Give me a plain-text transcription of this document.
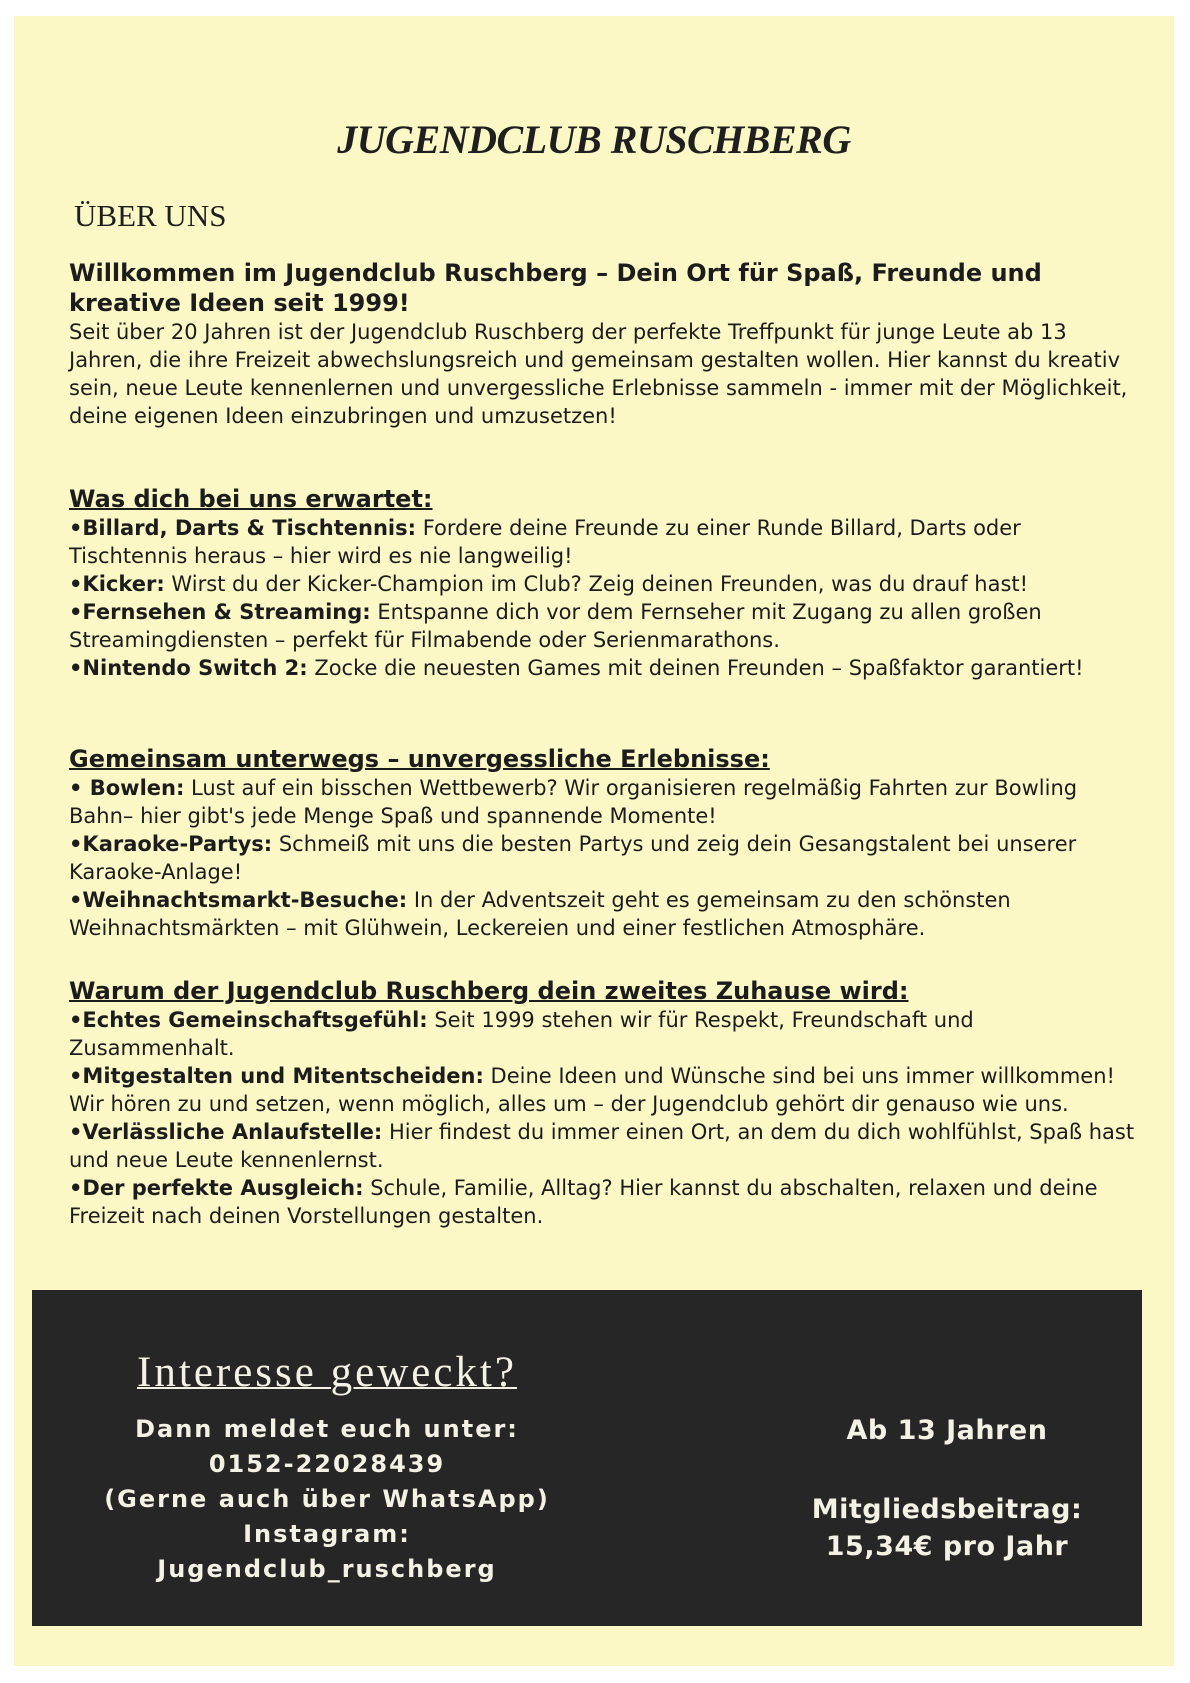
JUGENDCLUB RUSCHBERG
ÜBER UNS
Willkommen im Jugendclub Ruschberg – Dein Ort für Spaß, Freunde und kreative Ideen seit 1999!
Seit über 20 Jahren ist der Jugendclub Ruschberg der perfekte Treffpunkt für junge Leute ab 13 Jahren, die ihre Freizeit abwechslungsreich und gemeinsam gestalten wollen. Hier kannst du kreativ sein, neue Leute kennenlernen und unvergessliche Erlebnisse sammeln - immer mit der Möglichkeit, deine eigenen Ideen einzubringen und umzusetzen!
Was dich bei uns erwartet:
•Billard, Darts & Tischtennis: Fordere deine Freunde zu einer Runde Billard, Darts oder Tischtennis heraus – hier wird es nie langweilig!
•Kicker: Wirst du der Kicker-Champion im Club? Zeig deinen Freunden, was du drauf hast!
•Fernsehen & Streaming: Entspanne dich vor dem Fernseher mit Zugang zu allen großen Streamingdiensten – perfekt für Filmabende oder Serienmarathons.
•Nintendo Switch 2: Zocke die neuesten Games mit deinen Freunden – Spaßfaktor garantiert!
Gemeinsam unterwegs – unvergessliche Erlebnisse:
• Bowlen: Lust auf ein bisschen Wettbewerb? Wir organisieren regelmäßig Fahrten zur Bowling Bahn– hier gibt's jede Menge Spaß und spannende Momente!
•Karaoke-Partys: Schmeiß mit uns die besten Partys und zeig dein Gesangstalent bei unserer Karaoke-Anlage!
•Weihnachtsmarkt-Besuche: In der Adventszeit geht es gemeinsam zu den schönsten Weihnachtsmärkten – mit Glühwein, Leckereien und einer festlichen Atmosphäre.
Warum der Jugendclub Ruschberg dein zweites Zuhause wird:
•Echtes Gemeinschaftsgefühl: Seit 1999 stehen wir für Respekt, Freundschaft und Zusammenhalt.
•Mitgestalten und Mitentscheiden: Deine Ideen und Wünsche sind bei uns immer willkommen! Wir hören zu und setzen, wenn möglich, alles um – der Jugendclub gehört dir genauso wie uns.
•Verlässliche Anlaufstelle: Hier findest du immer einen Ort, an dem du dich wohlfühlst, Spaß hast und neue Leute kennenlernst.
•Der perfekte Ausgleich: Schule, Familie, Alltag? Hier kannst du abschalten, relaxen und deine Freizeit nach deinen Vorstellungen gestalten.
Interesse geweckt?
Dann meldet euch unter:
0152-22028439
(Gerne auch über WhatsApp)
Instagram:
Jugendclub_ruschberg
Ab 13 Jahren
Mitgliedsbeitrag:
15,34€ pro Jahr
